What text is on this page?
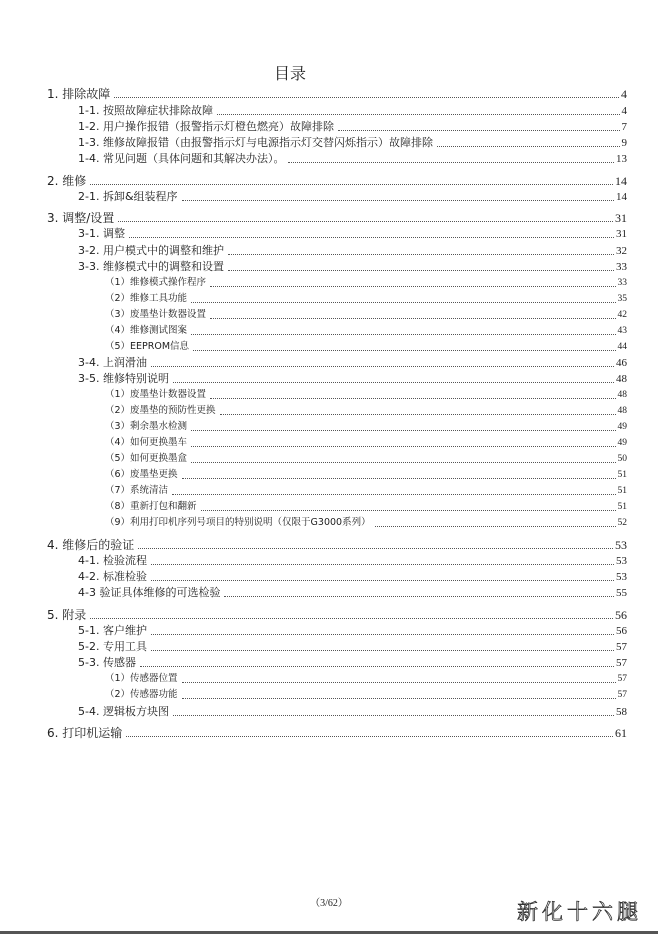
目录
1. 排除故障	4
1-1. 按照故障症状排除故障	4
1-2. 用户操作报错（报警指示灯橙色燃亮）故障排除	7
1-3. 维修故障报错（由报警指示灯与电源指示灯交替闪烁指示）故障排除	9
1-4. 常见问题（具体问题和其解决办法）。	13
2. 维修	14
2-1. 拆卸&组装程序	14
3. 调整/设置	31
3-1. 调整	31
3-2. 用户模式中的调整和维护	32
3-3. 维修模式中的调整和设置	33
（1）维修模式操作程序	33
（2）维修工具功能	35
（3）废墨垫计数器设置	42
（4）维修测试图案	43
（5）EEPROM信息	44
3-4. 上润滑油	46
3-5. 维修特别说明	48
（1）废墨垫计数器设置	48
（2）废墨垫的预防性更换	48
（3）剩余墨水检测	49
（4）如何更换墨车	49
（5）如何更换墨盒	50
（6）废墨垫更换	51
（7）系统清洁	51
（8）重新打包和翻新	51
（9）利用打印机序列号项目的特别说明（仅限于G3000系列）	52
4. 维修后的验证	53
4-1. 检验流程	53
4-2. 标准检验	53
4-3 验证具体维修的可选检验	55
5. 附录	56
5-1. 客户维护	56
5-2. 专用工具	57
5-3. 传感器	57
（1）传感器位置	57
（2）传感器功能	57
5-4. 逻辑板方块图	58
6. 打印机运输	61
（3/62）	新化十六腿
